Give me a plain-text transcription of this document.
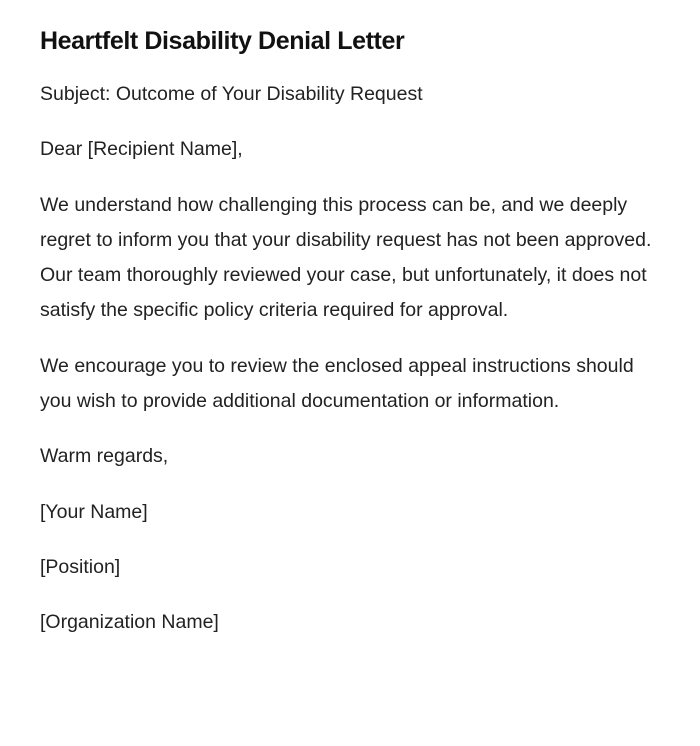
Heartfelt Disability Denial Letter

Subject: Outcome of Your Disability Request

Dear [Recipient Name],

We understand how challenging this process can be, and we deeply regret to inform you that your disability request has not been approved. Our team thoroughly reviewed your case, but unfortunately, it does not satisfy the specific policy criteria required for approval.

We encourage you to review the enclosed appeal instructions should you wish to provide additional documentation or information.

Warm regards,

[Your Name]

[Position]

[Organization Name]
